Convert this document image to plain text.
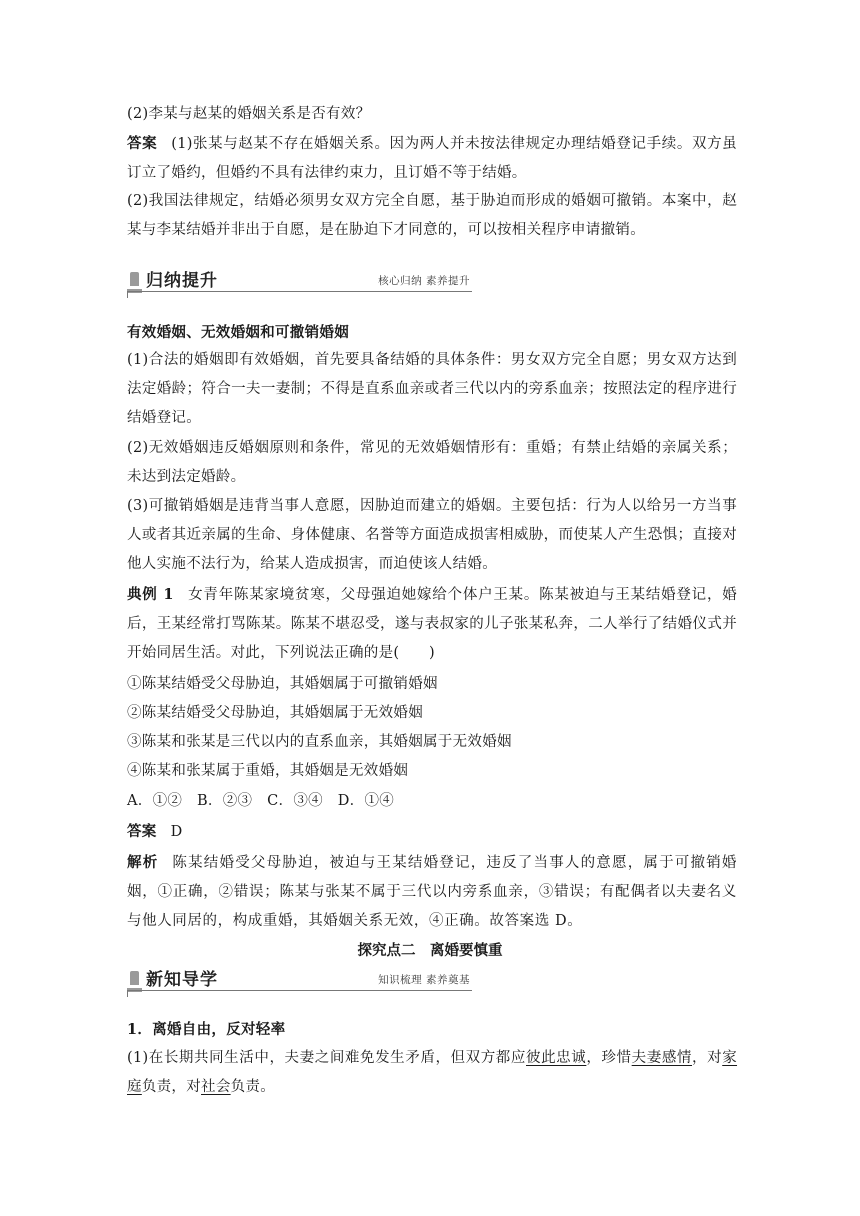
(2)李某与赵某的婚姻关系是否有效？

答案 (1)张某与赵某不存在婚姻关系。因为两人并未按法律规定办理结婚登记手续。双方虽订立了婚约，但婚约不具有法律约束力，且订婚不等于结婚。

(2)我国法律规定，结婚必须男女双方完全自愿，基于胁迫而形成的婚姻可撤销。本案中，赵某与李某结婚并非出于自愿，是在胁迫下才同意的，可以按相关程序申请撤销。

归纳提升	核心归纳 素养提升

有效婚姻、无效婚姻和可撤销婚姻

(1)合法的婚姻即有效婚姻，首先要具备结婚的具体条件：男女双方完全自愿；男女双方达到法定婚龄；符合一夫一妻制；不得是直系血亲或者三代以内的旁系血亲；按照法定的程序进行结婚登记。

(2)无效婚姻违反婚姻原则和条件，常见的无效婚姻情形有：重婚；有禁止结婚的亲属关系；未达到法定婚龄。

(3)可撤销婚姻是违背当事人意愿，因胁迫而建立的婚姻。主要包括：行为人以给另一方当事人或者其近亲属的生命、身体健康、名誉等方面造成损害相威胁，而使某人产生恐惧；直接对他人实施不法行为，给某人造成损害，而迫使该人结婚。

典例 1 女青年陈某家境贫寒，父母强迫她嫁给个体户王某。陈某被迫与王某结婚登记，婚后，王某经常打骂陈某。陈某不堪忍受，遂与表叔家的儿子张某私奔，二人举行了结婚仪式并开始同居生活。对此，下列说法正确的是(　　)

①陈某结婚受父母胁迫，其婚姻属于可撤销婚姻

②陈某结婚受父母胁迫，其婚姻属于无效婚姻

③陈某和张某是三代以内的直系血亲，其婚姻属于无效婚姻

④陈某和张某属于重婚，其婚姻是无效婚姻

A．①②　B．②③　C．③④　D．①④

答案 D

解析 陈某结婚受父母胁迫，被迫与王某结婚登记，违反了当事人的意愿，属于可撤销婚姻，①正确，②错误；陈某与张某不属于三代以内旁系血亲，③错误；有配偶者以夫妻名义与他人同居的，构成重婚，其婚姻关系无效，④正确。故答案选 D。

探究点二　离婚要慎重
新知导学	知识梳理 素养奠基

1．离婚自由，反对轻率

(1)在长期共同生活中，夫妻之间难免发生矛盾，但双方都应彼此忠诚，珍惜夫妻感情，对家庭负责，对社会负责。
